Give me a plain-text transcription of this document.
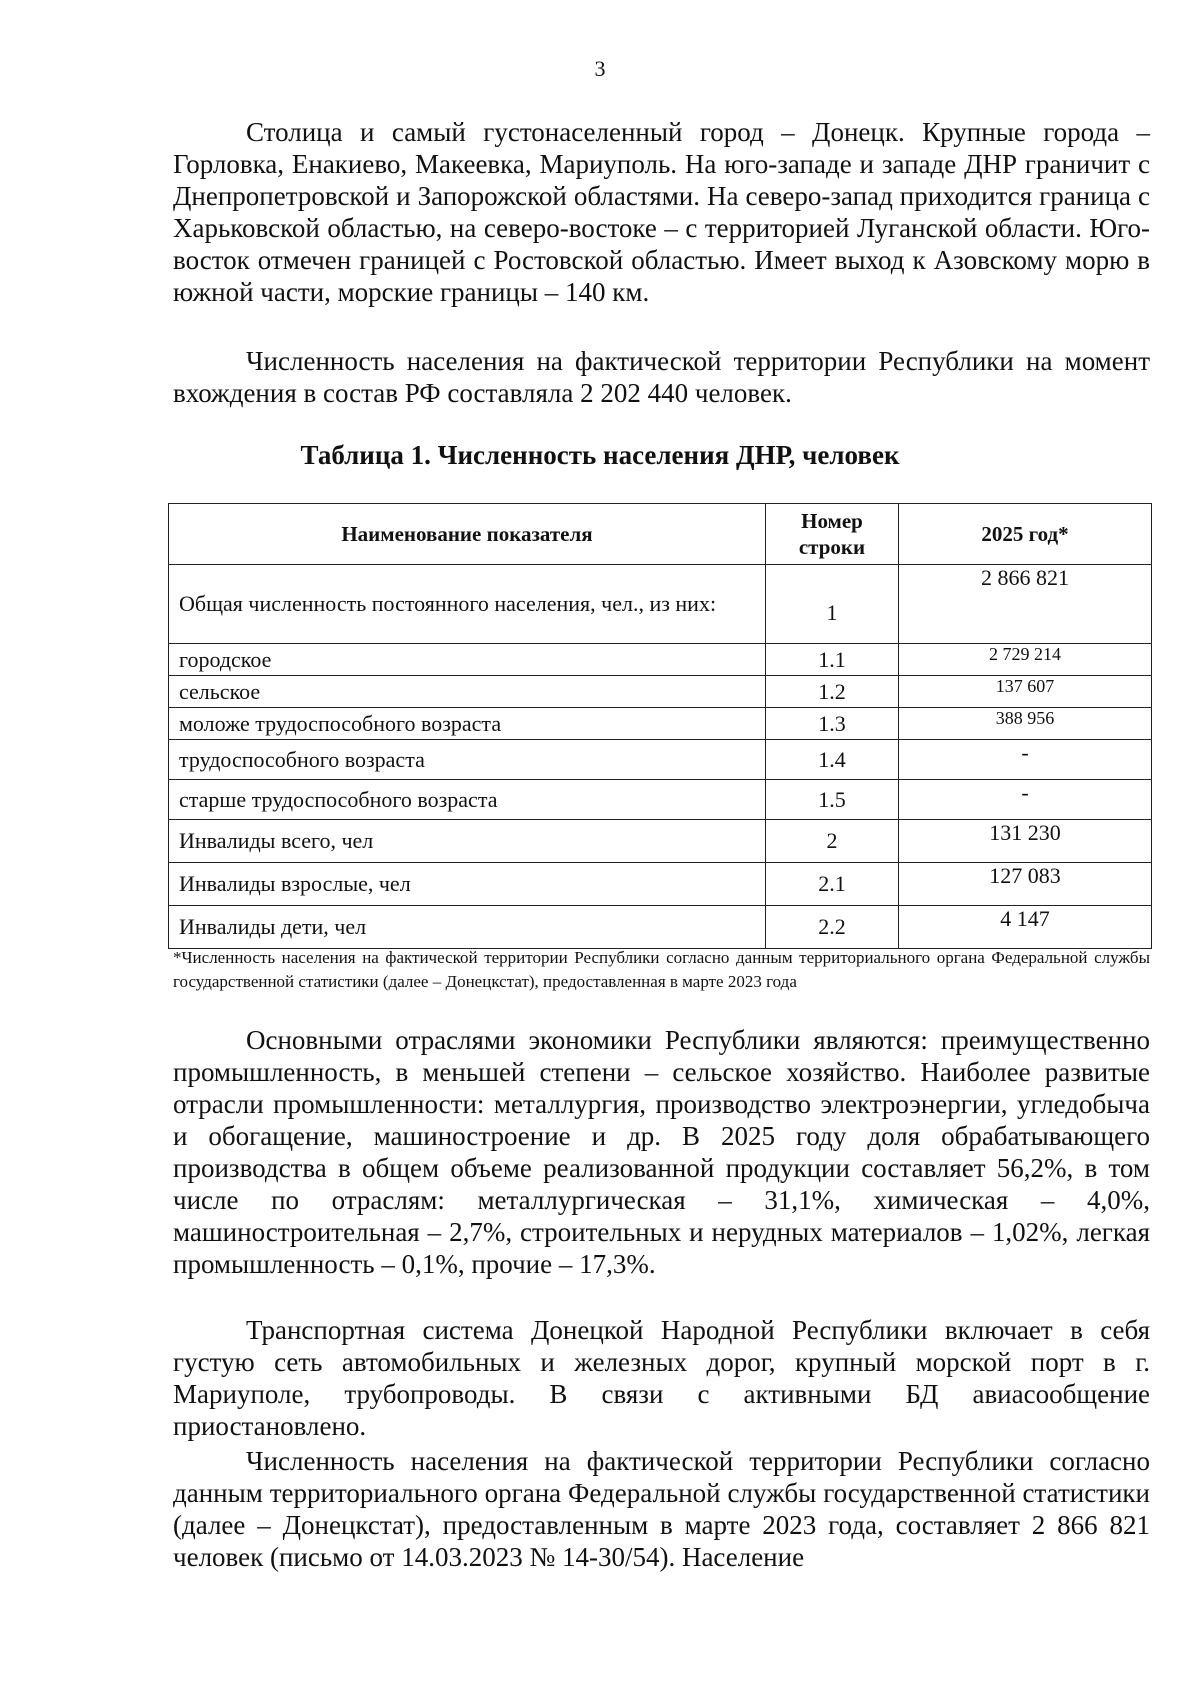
3

Столица и самый густонаселенный город – Донецк. Крупные города – Горловка, Енакиево, Макеевка, Мариуполь. На юго-западе и западе ДНР граничит с Днепропетровской и Запорожской областями. На северо-запад приходится граница с Харьковской областью, на северо-востоке – с территорией Луганской области. Юго-восток отмечен границей с Ростовской областью. Имеет выход к Азовскому морю в южной части, морские границы – 140 км.

Численность населения на фактической территории Республики на момент вхождения в состав РФ составляла 2 202 440 человек.

Таблица 1. Численность населения ДНР, человек
Наименование показателя	Номер строки	2025 год*
Общая численность постоянного населения, чел., из них:	1	2 866 821
городское	1.1	2 729 214
сельское	1.2	137 607
моложе трудоспособного возраста	1.3	388 956
трудоспособного возраста	1.4	-
старше трудоспособного возраста	1.5	-
Инвалиды всего, чел	2	131 230
Инвалиды взрослые, чел	2.1	127 083
Инвалиды дети, чел	2.2	4 147

*Численность населения на фактической территории Республики согласно данным территориального органа Федеральной службы государственной статистики (далее – Донецкстат), предоставленная в марте 2023 года

Основными отраслями экономики Республики являются: преимущественно промышленность, в меньшей степени – сельское хозяйство. Наиболее развитые отрасли промышленности: металлургия, производство электроэнергии, угледобыча и обогащение, машиностроение и др. В 2025 году доля обрабатывающего производства в общем объеме реализованной продукции составляет 56,2%, в том числе по отраслям: металлургическая – 31,1%, химическая – 4,0%, машиностроительная – 2,7%, строительных и нерудных материалов – 1,02%, легкая промышленность – 0,1%, прочие – 17,3%.

Транспортная система Донецкой Народной Республики включает в себя густую сеть автомобильных и железных дорог, крупный морской порт в г. Мариуполе, трубопроводы. В связи с активными БД авиасообщение приостановлено.

Численность населения на фактической территории Республики согласно данным территориального органа Федеральной службы государственной статистики (далее – Донецкстат), предоставленным в марте 2023 года, составляет 2 866 821 человек (письмо от 14.03.2023 № 14-30/54). Население
